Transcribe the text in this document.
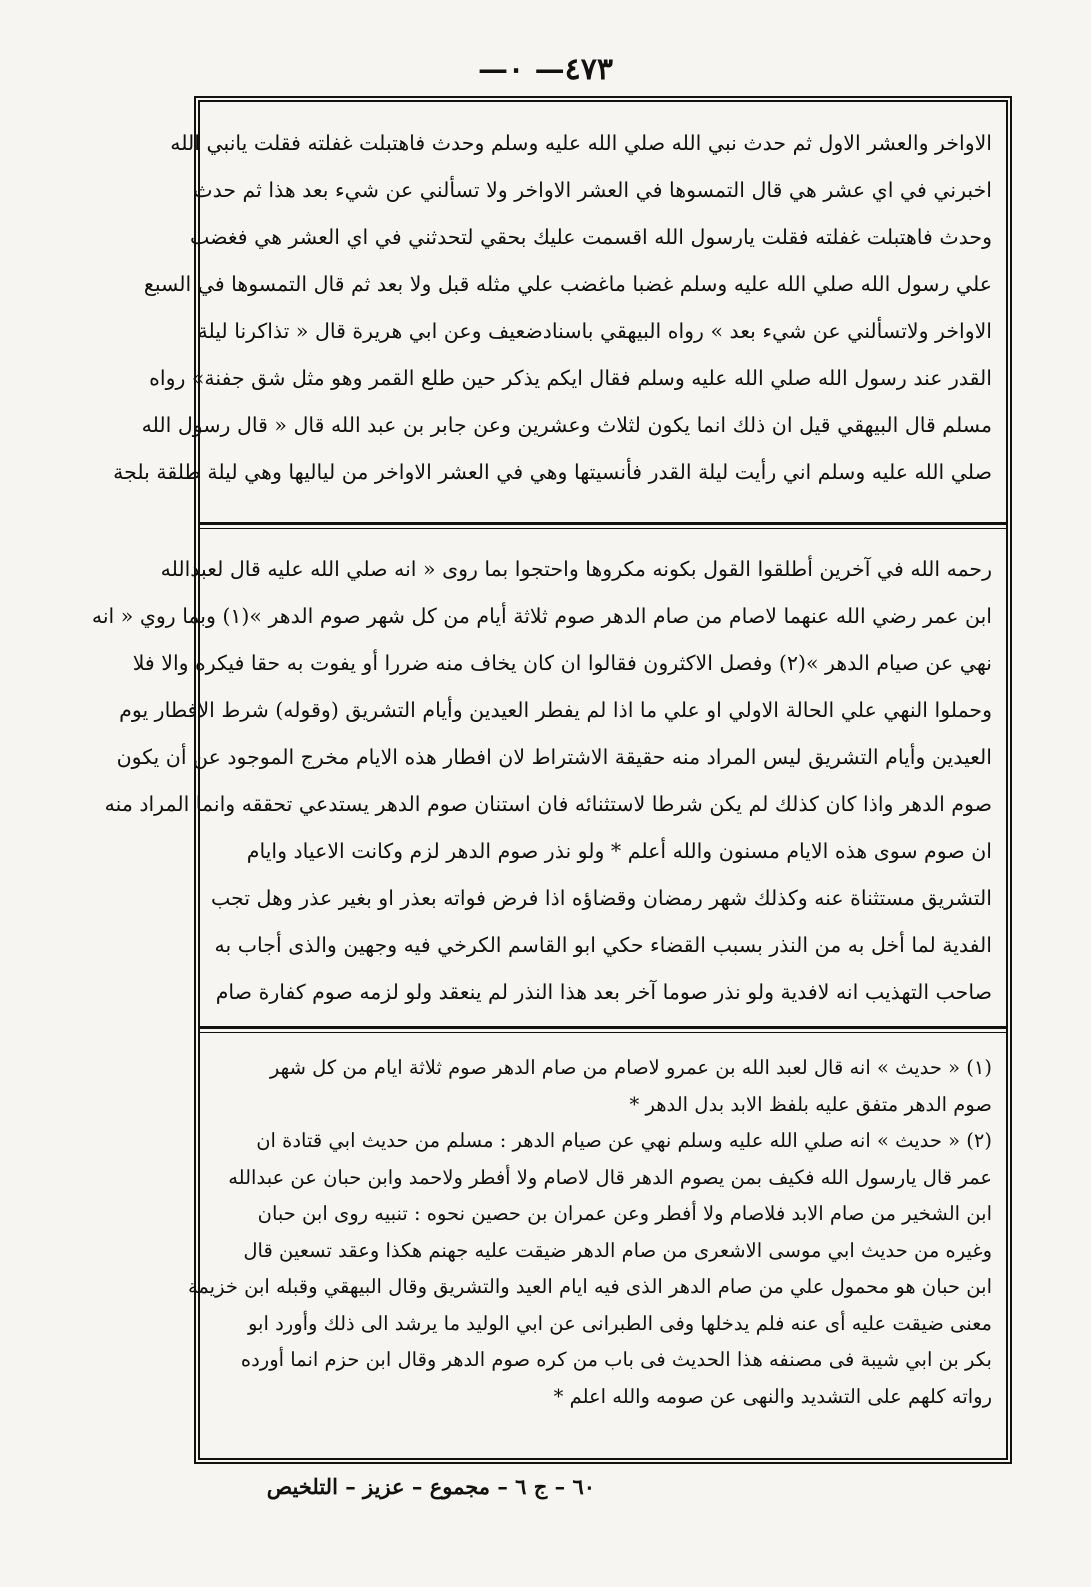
—٤٧٣— ٠
الاواخر والعشر الاول ثم حدث نبي الله صلي الله عليه وسلم وحدث فاهتبلت غفلته فقلت يانبي الله
اخبرني في اي عشر هي قال التمسوها في العشر الاواخر ولا تسألني عن شيء بعد هذا ثم حدث
وحدث فاهتبلت غفلته فقلت يارسول الله اقسمت عليك بحقي لتحدثني في اي العشر هي فغضب
علي رسول الله صلي الله عليه وسلم غضبا ماغضب علي مثله قبل ولا بعد ثم قال التمسوها في السبع
الاواخر ولاتسألني عن شيء بعد » رواه البيهقي باسنادضعيف وعن ابي هريرة قال « تذاكرنا ليلة
القدر عند رسول الله صلي الله عليه وسلم فقال ايكم يذكر حين طلع القمر وهو مثل شق جفنة» رواه
مسلم قال البيهقي قيل ان ذلك انما يكون لثلاث وعشرين وعن جابر بن عبد الله قال « قال رسول الله
صلي الله عليه وسلم اني رأيت ليلة القدر فأنسيتها وهي في العشر الاواخر من لياليها وهي ليلة طلقة بلجة
رحمه الله في آخرين أطلقوا القول بكونه مكروها واحتجوا بما روى « انه صلي الله عليه قال لعبدالله
ابن عمر رضي الله عنهما لاصام من صام الدهر صوم ثلاثة أيام من كل شهر صوم الدهر »(١) وبما روي « انه
نهي عن صيام الدهر »(٢) وفصل الاكثرون فقالوا ان كان يخاف منه ضررا أو يفوت به حقا فيكره والا فلا
وحملوا النهي علي الحالة الاولي او علي ما اذا لم يفطر العيدين وأيام التشريق (وقوله) شرط الافطار يوم
العيدين وأيام التشريق ليس المراد منه حقيقة الاشتراط لان افطار هذه الايام مخرج الموجود عن أن يكون
صوم الدهر واذا كان كذلك لم يكن شرطا لاستثنائه فان استنان صوم الدهر يستدعي تحققه وانما المراد منه
ان صوم سوى هذه الايام مسنون والله أعلم * ولو نذر صوم الدهر لزم وكانت الاعياد وايام
التشريق مستثناة عنه وكذلك شهر رمضان وقضاؤه اذا فرض فواته بعذر او بغير عذر وهل تجب
الفدية لما أخل به من النذر بسبب القضاء حكي ابو القاسم الكرخي فيه وجهين والذى أجاب به
صاحب التهذيب انه لافدية ولو نذر صوما آخر بعد هذا النذر لم ينعقد ولو لزمه صوم كفارة صام
(١) « حديث » انه قال لعبد الله بن عمرو لاصام من صام الدهر صوم ثلاثة ايام من كل شهر
صوم الدهر متفق عليه بلفظ الابد بدل الدهر *
(٢) « حديث » انه صلي الله عليه وسلم نهي عن صيام الدهر : مسلم من حديث ابي قتادة ان
عمر قال يارسول الله فكيف بمن يصوم الدهر قال لاصام ولا أفطر ولاحمد وابن حبان عن عبدالله
ابن الشخير من صام الابد فلاصام ولا أفطر وعن عمران بن حصين نحوه : تنبيه روى ابن حبان
وغيره من حديث ابي موسى الاشعرى من صام الدهر ضيقت عليه جهنم هكذا وعقد تسعين قال
ابن حبان هو محمول علي من صام الدهر الذى فيه ايام العيد والتشريق وقال البيهقي وقبله ابن خزيمة
معنى ضيقت عليه أى عنه فلم يدخلها وفى الطبرانى عن ابي الوليد ما يرشد الى ذلك وأورد ابو
بكر بن ابي شيبة فى مصنفه هذا الحديث فى باب من كره صوم الدهر وقال ابن حزم انما أورده
رواته كلهم على التشديد والنهى عن صومه والله اعلم *
٦٠ – ج ٦ – مجموع – عزيز – التلخيص
